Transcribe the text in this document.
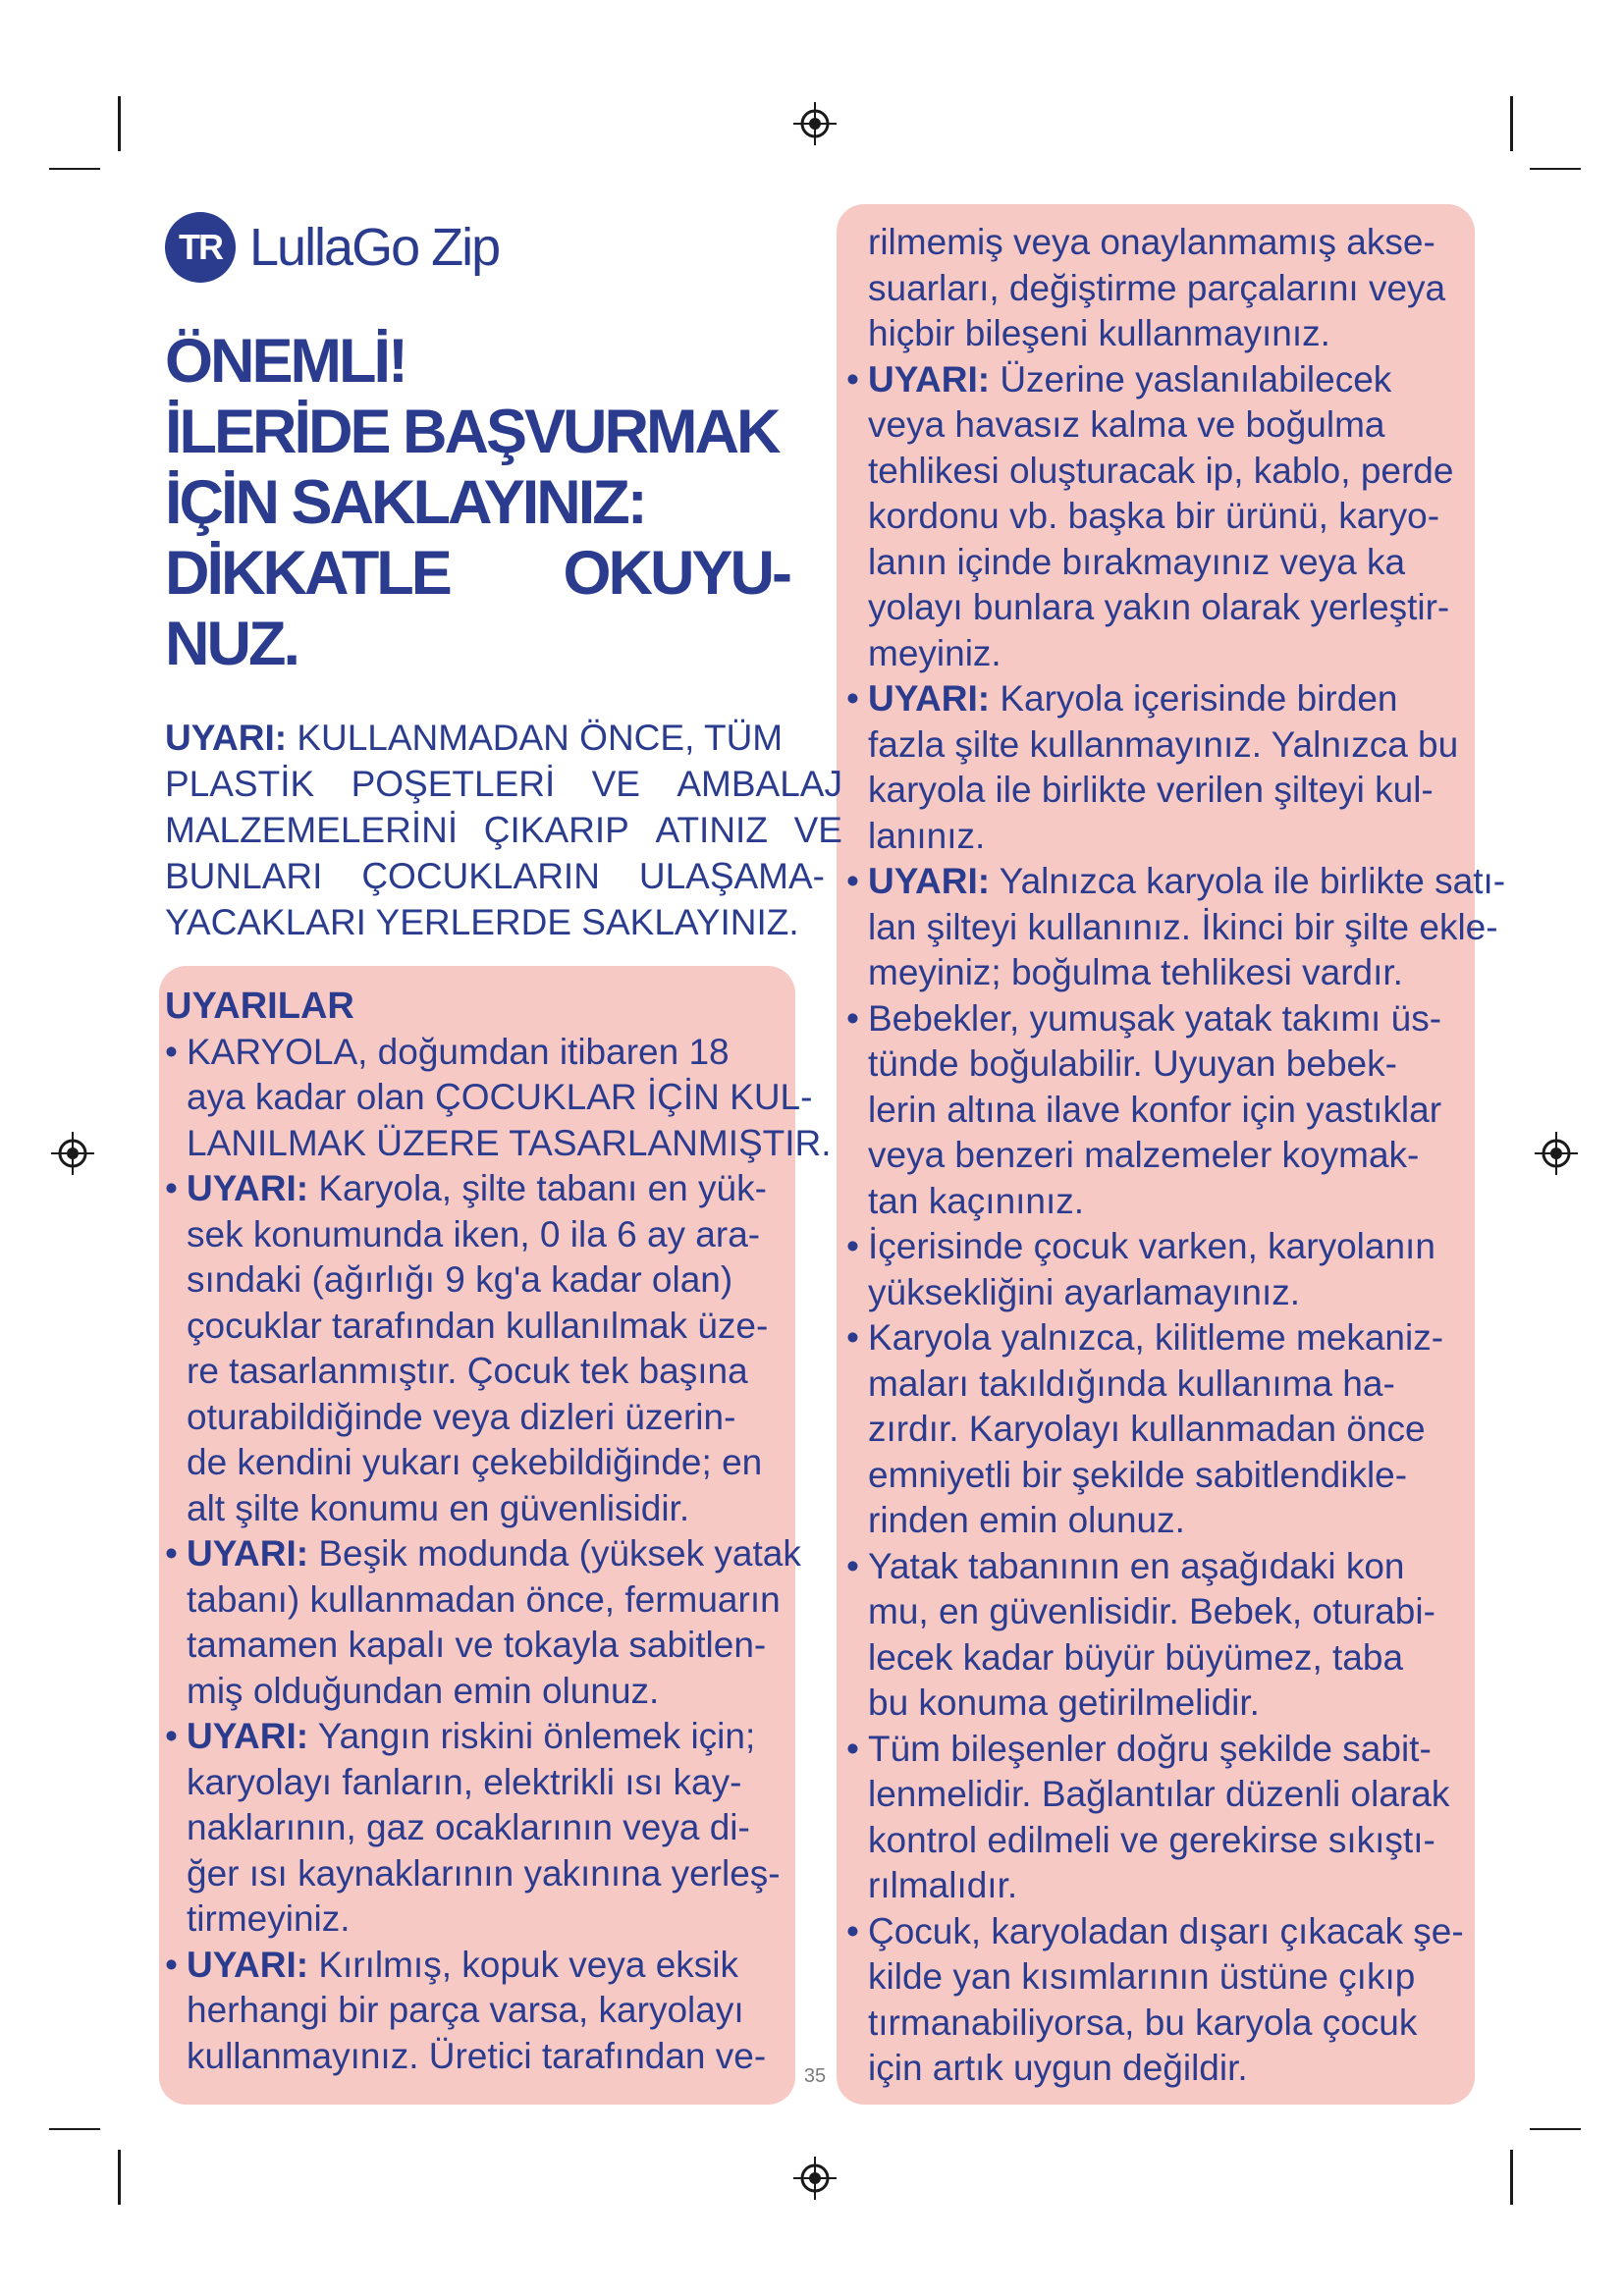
TR LullaGo Zip
ÖNEMLİ!
İLERİDE BAŞVURMAK
İÇİN SAKLAYINIZ:
DİKKATLE OKUYU-
NUZ.
UYARI:
KULLANMADAN ÖNCE, TÜM
PLASTİK POŞETLERİ VE AMBALAJ
MALZEMELERİNİ ÇIKARIP ATINIZ VE
BUNLARI ÇOCUKLARIN ULAŞAMA-
YACAKLARI YERLERDE SAKLAYINIZ.
UYARILAR
• KARYOLA, doğumdan itibaren 18
aya kadar olan ÇOCUKLAR İÇİN KUL-
LANILMAK ÜZERE TASARLANMIŞTIR.
• UYARI: Karyola, şilte tabanı en yük-
sek konumunda iken, 0 ila 6 ay ara-
sındaki (ağırlığı 9 kg'a kadar olan)
çocuklar tarafından kullanılmak üze-
re tasarlanmıştır. Çocuk tek başına
oturabildiğinde veya dizleri üzerin-
de kendini yukarı çekebildiğinde; en
alt şilte konumu en güvenlisidir.
• UYARI: Beşik modunda (yüksek yatak
tabanı) kullanmadan önce, fermuarın
tamamen kapalı ve tokayla sabitlen-
miş olduğundan emin olunuz.
• UYARI: Yangın riskini önlemek için;
karyolayı fanların, elektrikli ısı kay-
naklarının, gaz ocaklarının veya di-
ğer ısı kaynaklarının yakınına yerleş-
tirmeyiniz.
• UYARI: Kırılmış, kopuk veya eksik
herhangi bir parça varsa, karyolayı
kullanmayınız. Üretici tarafından ve-
rilmemiş veya onaylanmamış akse-
suarları, değiştirme parçalarını veya
hiçbir bileşeni kullanmayınız.
• UYARI: Üzerine yaslanılabilecek
veya havasız kalma ve boğulma
tehlikesi oluşturacak ip, kablo, perde
kordonu vb. başka bir ürünü, karyo-
lanın içinde bırakmayınız veya ka
yolayı bunlara yakın olarak yerleştir-
meyiniz.
• UYARI: Karyola içerisinde birden
fazla şilte kullanmayınız. Yalnızca bu
karyola ile birlikte verilen şilteyi kul-
lanınız.
• UYARI: Yalnızca karyola ile birlikte satı-
lan şilteyi kullanınız. İkinci bir şilte ekle-
meyiniz; boğulma tehlikesi vardır.
• Bebekler, yumuşak yatak takımı üs-
tünde boğulabilir. Uyuyan bebek-
lerin altına ilave konfor için yastıklar
veya benzeri malzemeler koymak-
tan kaçınınız.
• İçerisinde çocuk varken, karyolanın
yüksekliğini ayarlamayınız.
• Karyola yalnızca, kilitleme mekaniz-
maları takıldığında kullanıma ha-
zırdır. Karyolayı kullanmadan önce
emniyetli bir şekilde sabitlendikle-
rinden emin olunuz.
• Yatak tabanının en aşağıdaki kon
mu, en güvenlisidir. Bebek, oturabi-
lecek kadar büyür büyümez, taba
bu konuma getirilmelidir.
• Tüm bileşenler doğru şekilde sabit-
lenmelidir. Bağlantılar düzenli olarak
kontrol edilmeli ve gerekirse sıkıştı-
rılmalıdır.
• Çocuk, karyoladan dışarı çıkacak şe-
kilde yan kısımlarının üstüne çıkıp
tırmanabiliyorsa, bu karyola çocuk
için artık uygun değildir.
35
